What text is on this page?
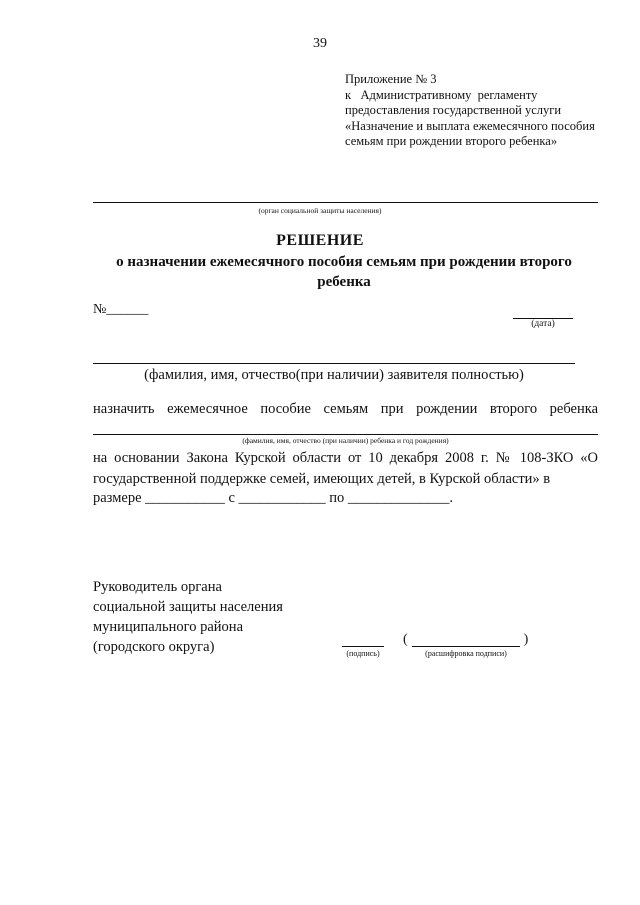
39
Приложение № 3
к   Административному  регламенту
предоставления государственной услуги
«Назначение и выплата ежемесячного пособия
семьям при рождении второго ребенка»
(орган социальной защиты населения)
РЕШЕНИЕ
о назначении ежемесячного пособия семьям при рождении второго ребенка
№______
(дата)
(фамилия, имя, отчество(при наличии) заявителя полностью)
назначить ежемесячное пособие семьям при рождении второго ребенка
(фамилия, имя, отчество (при наличии) ребенка и год рождения)
на основании Закона Курской области от 10 декабря 2008 г. № 108-ЗКО «О государственной поддержке семей, имеющих детей, в Курской области» в
размере ___________ с ____________ по ______________.
Руководитель органа
социальной защиты населения
муниципального района
(городского округа)	(подпись)
(	)
(расшифровка подписи)
